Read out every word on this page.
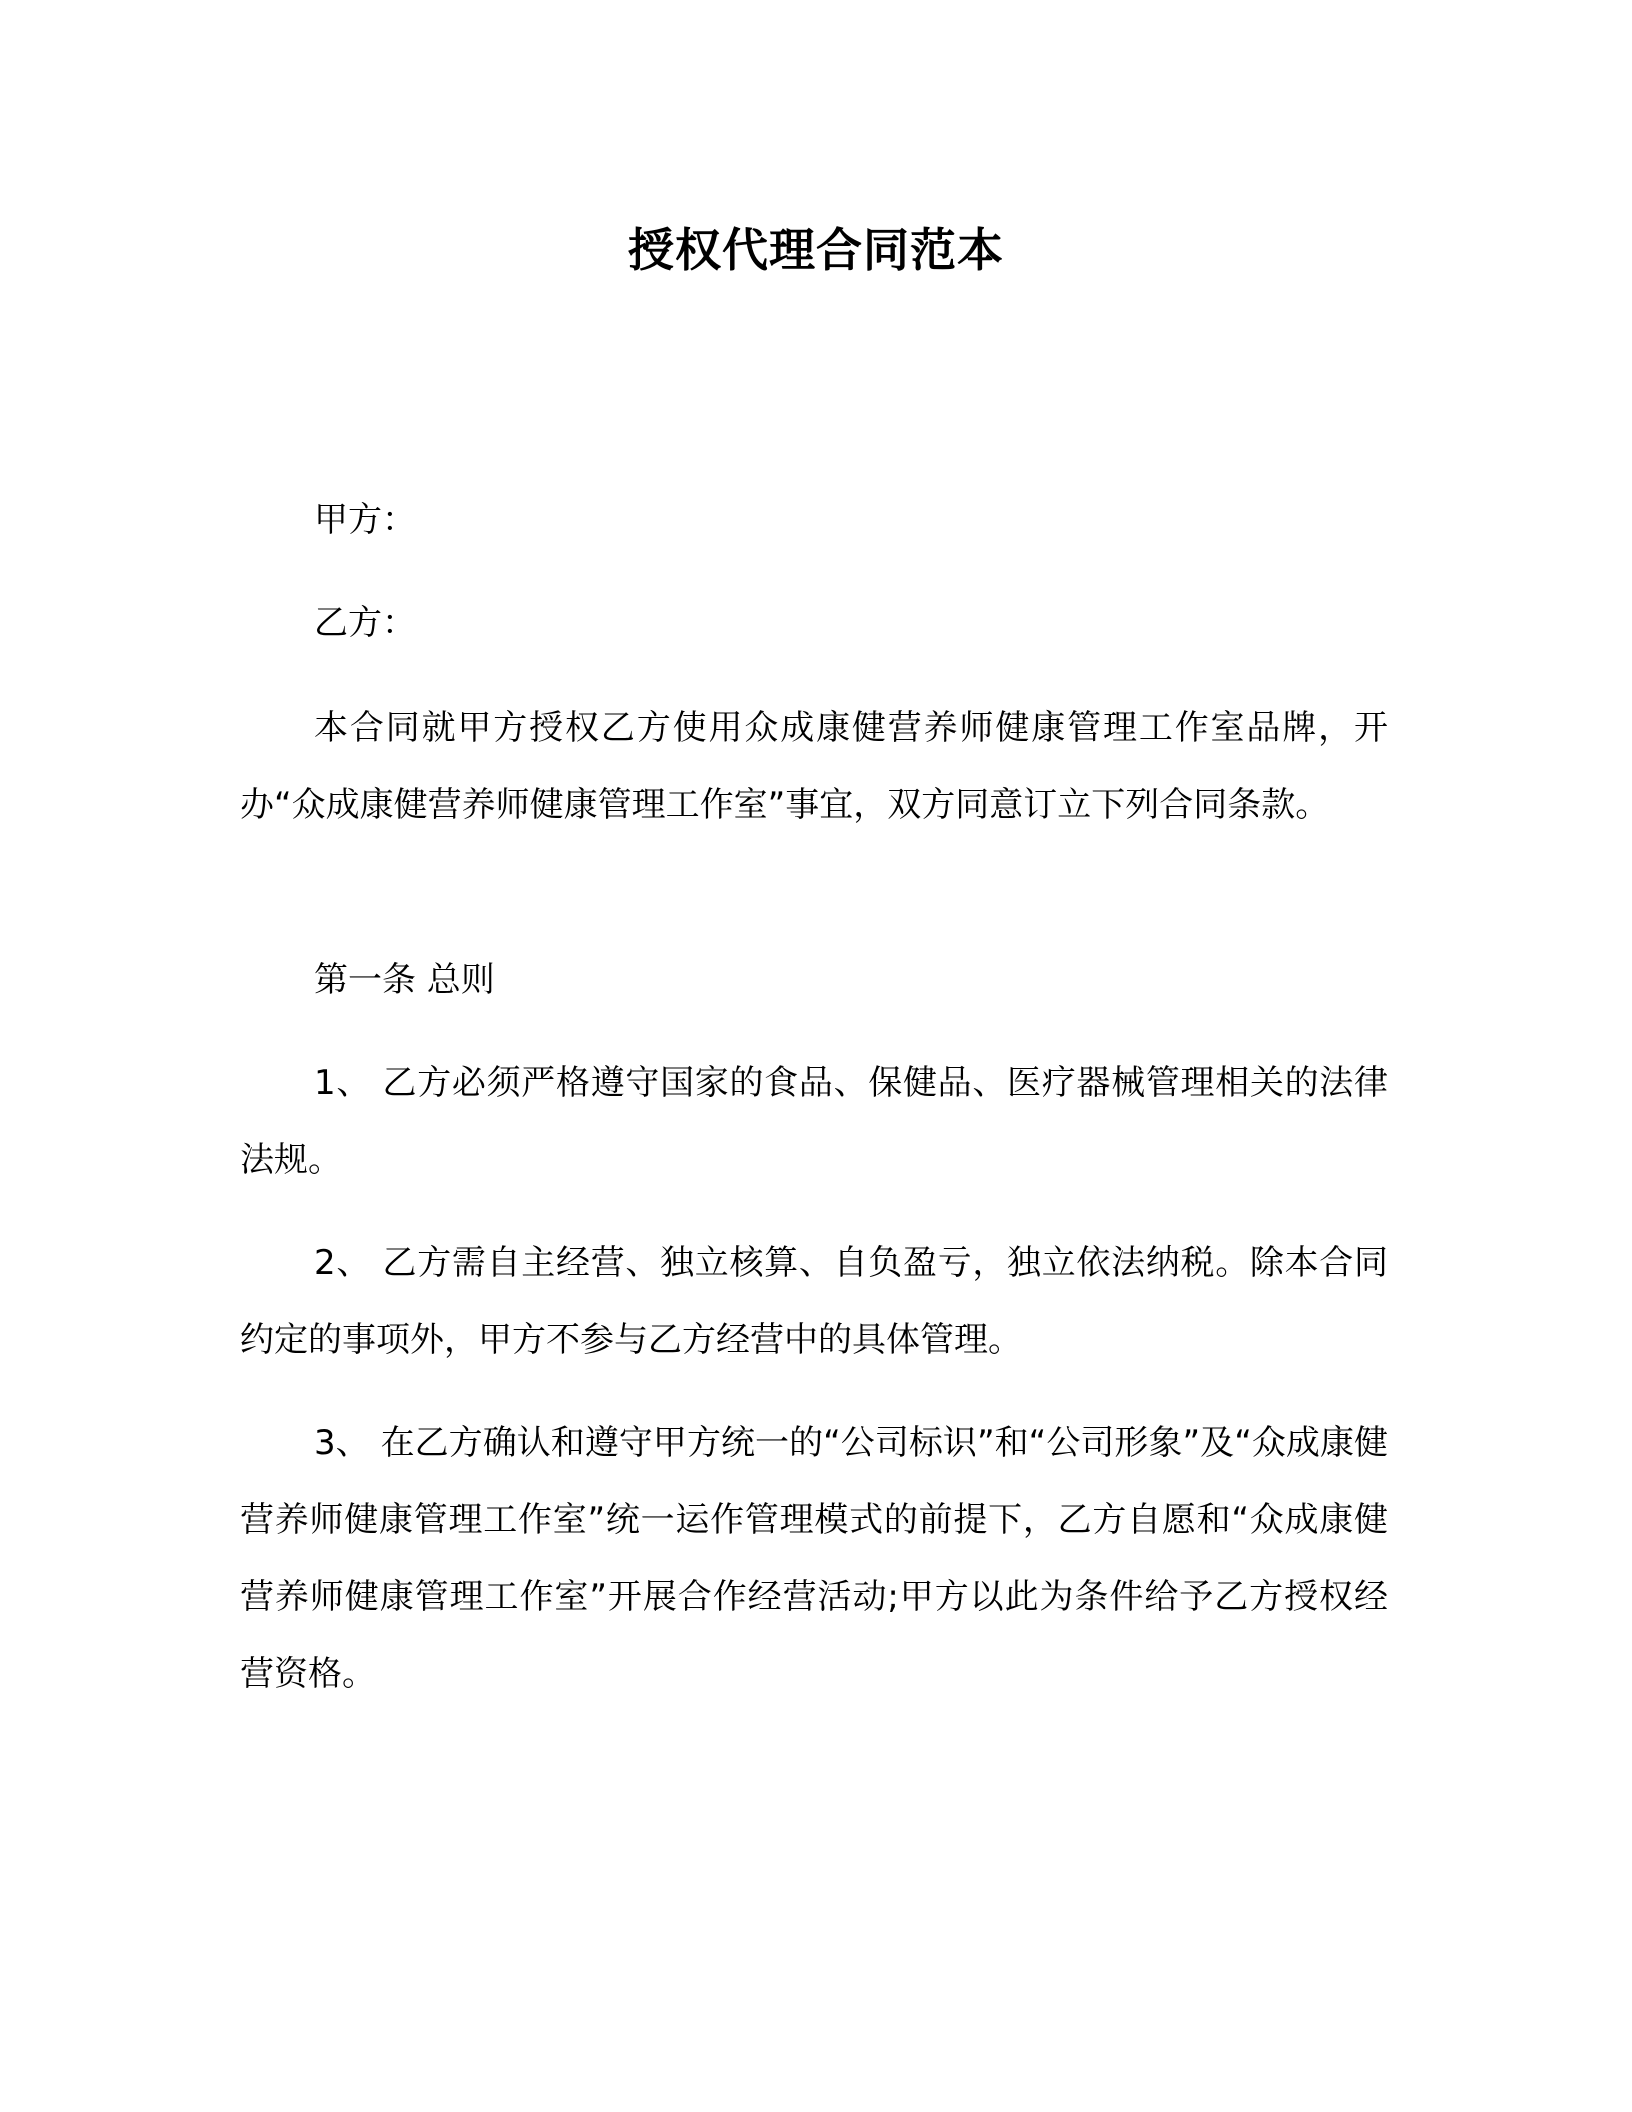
授权代理合同范本
甲方：
乙方：

本合同就甲方授权乙方使用众成康健营养师健康管理工作室品牌，开办“众成康健营养师健康管理工作室”事宜，双方同意订立下列合同条款。

第一条 总则

1、 乙方必须严格遵守国家的食品、保健品、医疗器械管理相关的法律法规。

2、 乙方需自主经营、独立核算、自负盈亏，独立依法纳税。除本合同约定的事项外，甲方不参与乙方经营中的具体管理。

3、 在乙方确认和遵守甲方统一的“公司标识”和“公司形象”及“众成康健营养师健康管理工作室”统一运作管理模式的前提下，乙方自愿和“众成康健营养师健康管理工作室”开展合作经营活动;甲方以此为条件给予乙方授权经营资格。
